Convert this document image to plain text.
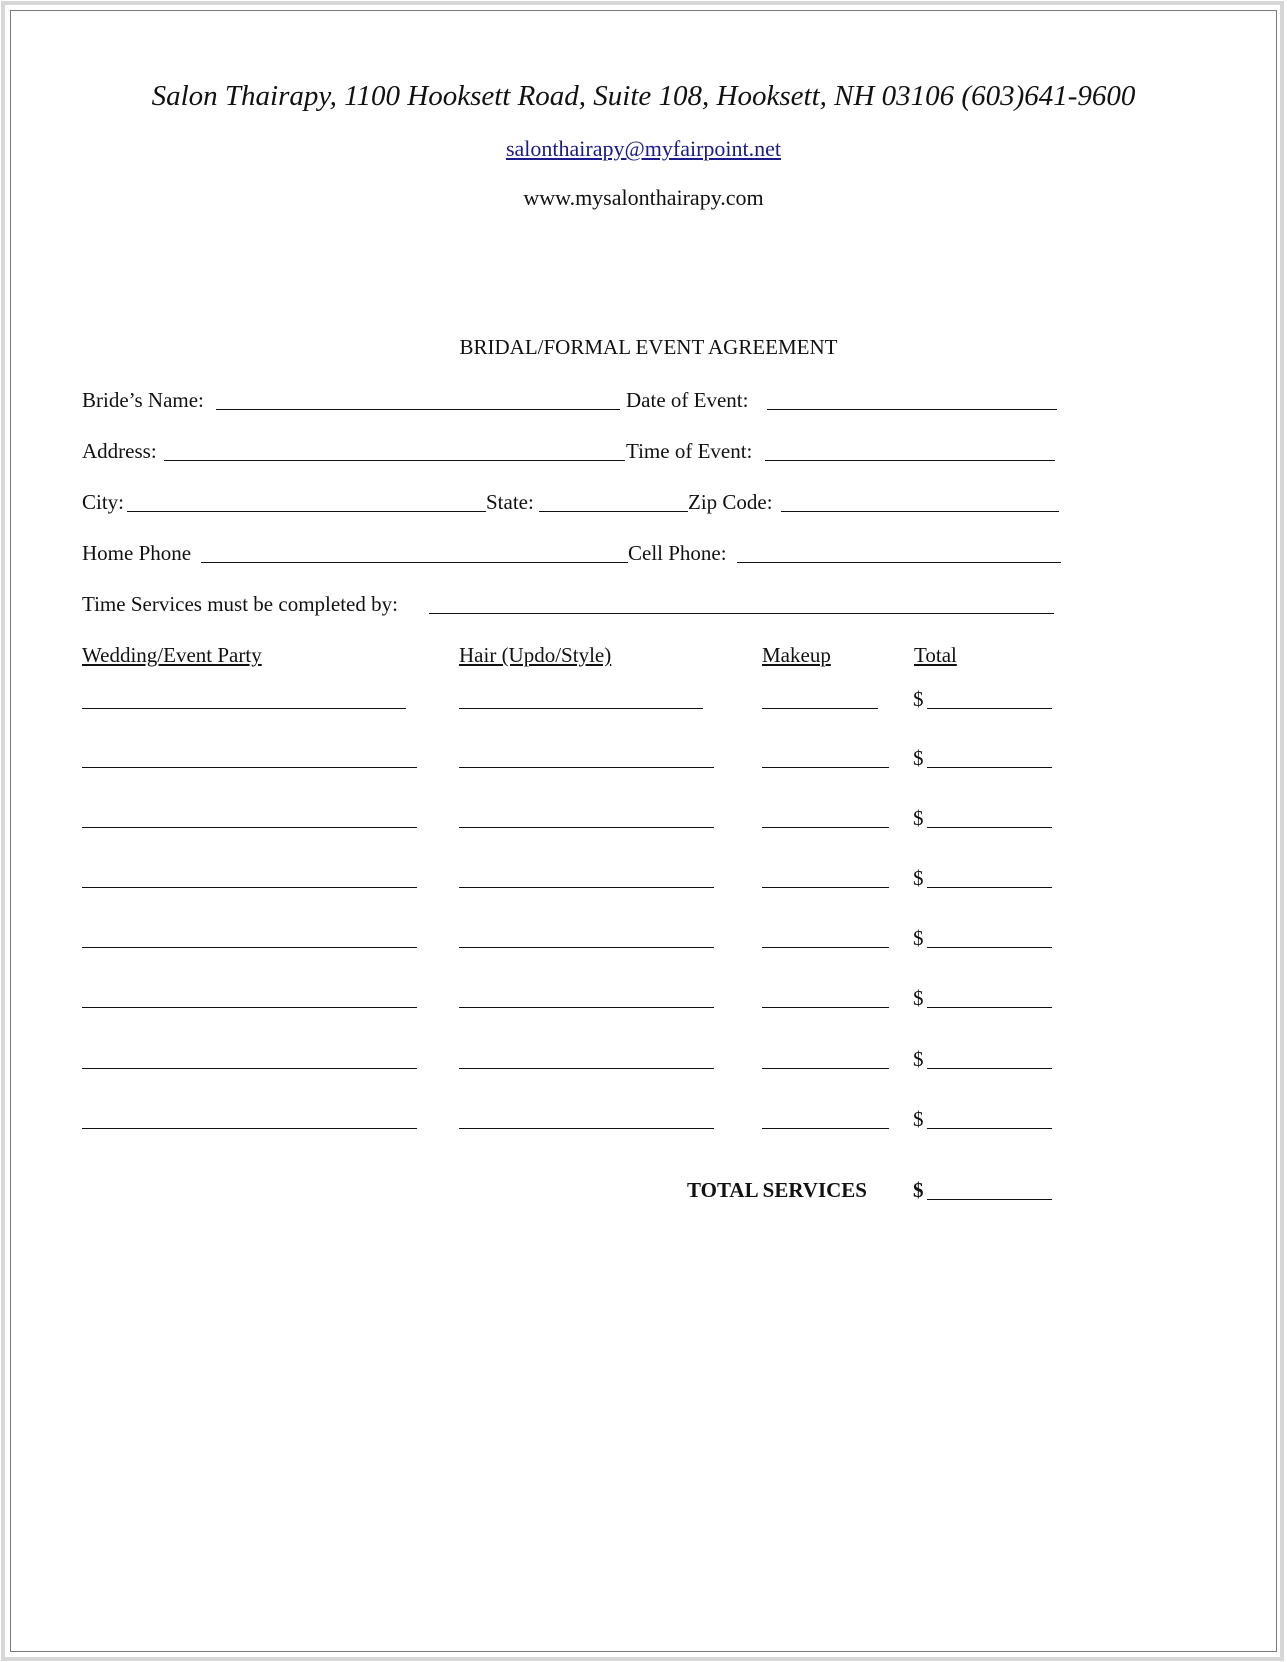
Salon Thairapy, 1100 Hooksett Road, Suite 108, Hooksett, NH 03106 (603)641-9600
salonthairapy@myfairpoint.net
www.mysalonthairapy.com
BRIDAL/FORMAL EVENT AGREEMENT
Bride’s Name:	Date of Event:
Address:	Time of Event:
City:	State:	Zip Code:
Home Phone	Cell Phone:
Time Services must be completed by:
Wedding/Event Party	Hair (Updo/Style)	Makeup	Total
$
$
$
$
$
$
$
$
TOTAL SERVICES $
